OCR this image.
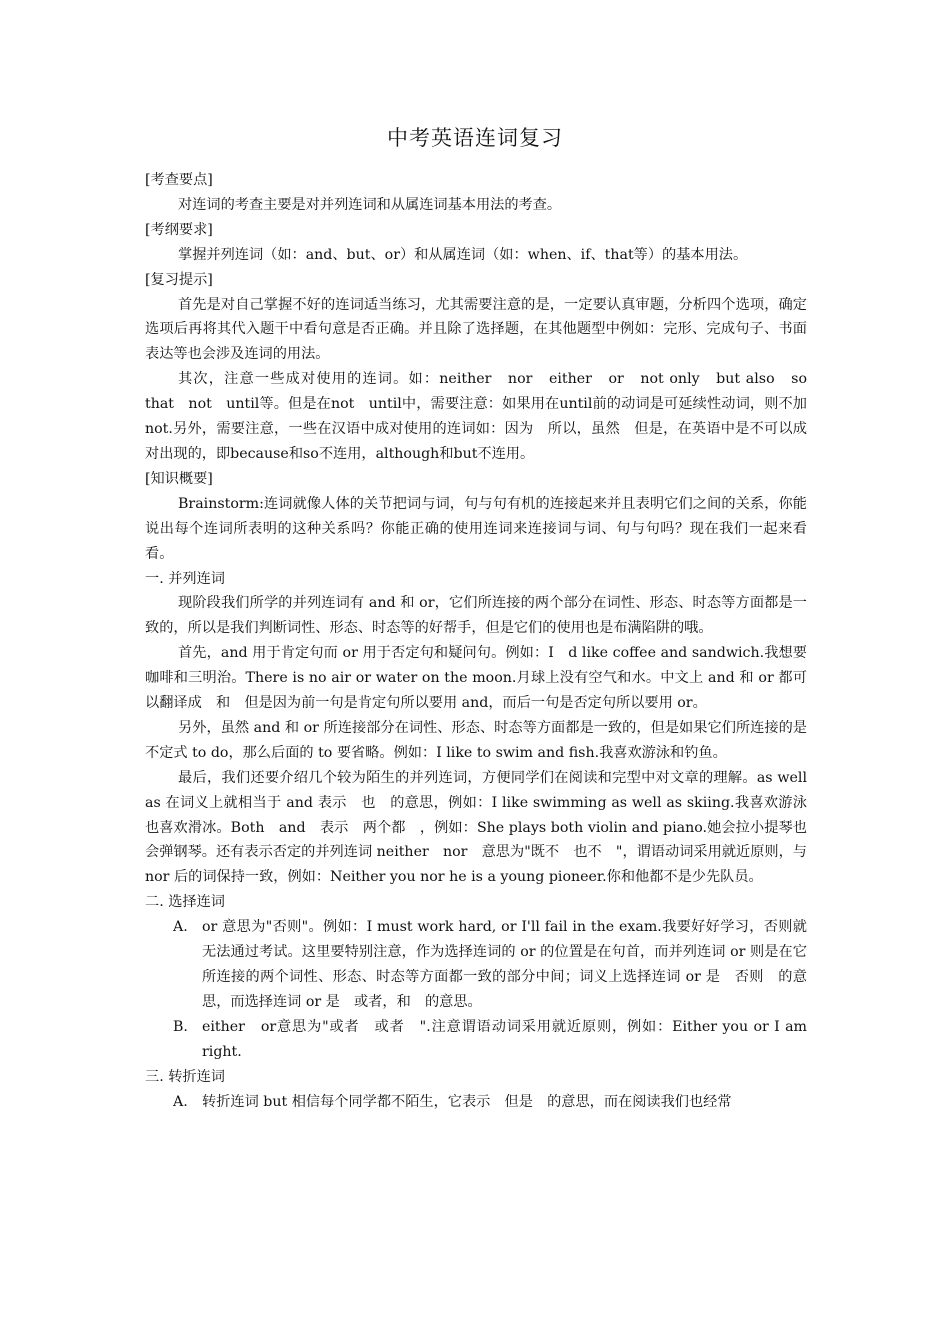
中考英语连词复习

[考查要点]

对连词的考查主要是对并列连词和从属连词基本用法的考查。

[考纲要求]

掌握并列连词（如：and、but、or）和从属连词（如：when、if、that等）的基本用法。

[复习提示]

首先是对自己掌握不好的连词适当练习，尤其需要注意的是，一定要认真审题，分析四个选项，确定选项后再将其代入题干中看句意是否正确。并且除了选择题，在其他题型中例如：完形、完成句子、书面表达等也会涉及连词的用法。

其次，注意一些成对使用的连词。如：neither　nor　either　or　not only　but also　so　that　not　until等。但是在not　until中，需要注意：如果用在until前的动词是可延续性动词，则不加not.另外，需要注意，一些在汉语中成对使用的连词如：因为　所以，虽然　但是，在英语中是不可以成对出现的，即because和so不连用，although和but不连用。

[知识概要]

Brainstorm:连词就像人体的关节把词与词，句与句有机的连接起来并且表明它们之间的关系，你能说出每个连词所表明的这种关系吗？你能正确的使用连词来连接词与词、句与句吗？现在我们一起来看看。

一. 并列连词

现阶段我们所学的并列连词有 and 和 or，它们所连接的两个部分在词性、形态、时态等方面都是一致的，所以是我们判断词性、形态、时态等的好帮手，但是它们的使用也是布满陷阱的哦。

首先，and 用于肯定句而 or 用于否定句和疑问句。例如：I　d like coffee and sandwich.我想要咖啡和三明治。There is no air or water on the moon.月球上没有空气和水。中文上 and 和 or 都可以翻译成　和　但是因为前一句是肯定句所以要用 and，而后一句是否定句所以要用 or。

另外，虽然 and 和 or 所连接部分在词性、形态、时态等方面都是一致的，但是如果它们所连接的是不定式 to do，那么后面的 to 要省略。例如：I like to swim and fish.我喜欢游泳和钓鱼。

最后，我们还要介绍几个较为陌生的并列连词，方便同学们在阅读和完型中对文章的理解。as well as 在词义上就相当于 and 表示　也　的意思，例如：I like swimming as well as skiing.我喜欢游泳也喜欢滑冰。Both　and　表示　两个都　，例如：She plays both violin and piano.她会拉小提琴也会弹钢琴。还有表示否定的并列连词 neither　nor　意思为"既不　也不　"，谓语动词采用就近原则，与 nor 后的词保持一致，例如：Neither you nor he is a young pioneer.你和他都不是少先队员。

二. 选择连词

A.	or 意思为"否则"。例如：I must work hard, or I'll fail in the exam.我要好好学习，否则就无法通过考试。这里要特别注意，作为选择连词的 or 的位置是在句首，而并列连词 or 则是在它所连接的两个词性、形态、时态等方面都一致的部分中间；词义上选择连词 or 是　否则　的意思，而选择连词 or 是　或者，和　的意思。
B. either　or意思为"或者　或者　".注意谓语动词采用就近原则，例如：Either you or I am right.

三. 转折连词

A.	转折连词 but 相信每个同学都不陌生，它表示　但是　的意思，而在阅读我们也经常
